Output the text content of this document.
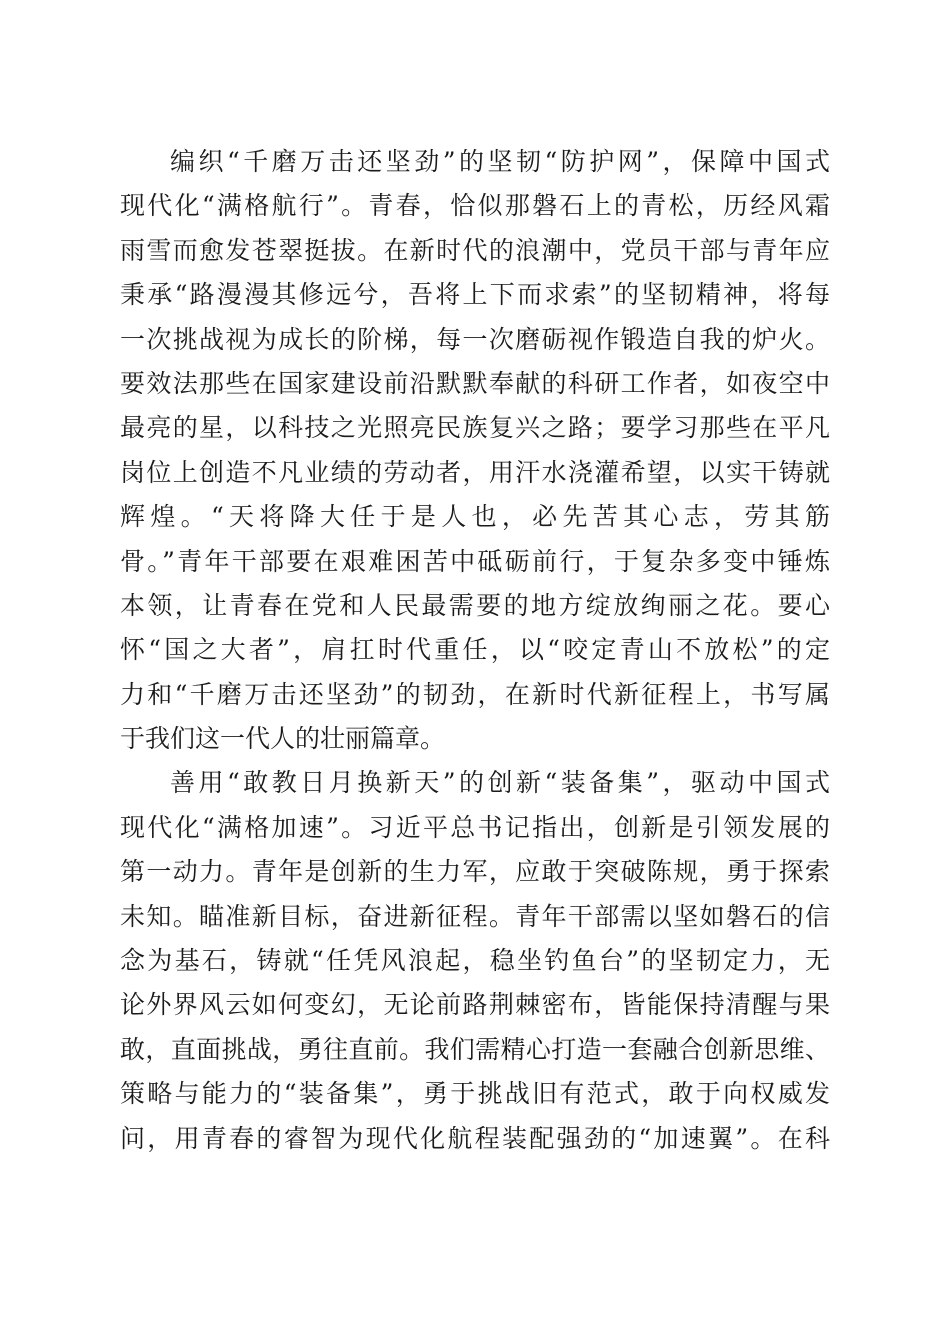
编织“千磨万击还坚劲”的坚韧“防护网”，保障中国式
现代化“满格航行”。青春，恰似那磐石上的青松，历经风霜
雨雪而愈发苍翠挺拔。在新时代的浪潮中，党员干部与青年应
秉承“路漫漫其修远兮，吾将上下而求索”的坚韧精神，将每
一次挑战视为成长的阶梯，每一次磨砺视作锻造自我的炉火。
要效法那些在国家建设前沿默默奉献的科研工作者，如夜空中
最亮的星，以科技之光照亮民族复兴之路；要学习那些在平凡
岗位上创造不凡业绩的劳动者，用汗水浇灌希望，以实干铸就
辉煌。“天将降大任于是人也，必先苦其心志，劳其筋
骨。”青年干部要在艰难困苦中砥砺前行，于复杂多变中锤炼
本领，让青春在党和人民最需要的地方绽放绚丽之花。要心
怀“国之大者”，肩扛时代重任，以“咬定青山不放松”的定
力和“千磨万击还坚劲”的韧劲，在新时代新征程上，书写属
于我们这一代人的壮丽篇章。
善用“敢教日月换新天”的创新“装备集”，驱动中国式
现代化“满格加速”。习近平总书记指出，创新是引领发展的
第一动力。青年是创新的生力军，应敢于突破陈规，勇于探索
未知。瞄准新目标，奋进新征程。青年干部需以坚如磐石的信
念为基石，铸就“任凭风浪起，稳坐钓鱼台”的坚韧定力，无
论外界风云如何变幻，无论前路荆棘密布，皆能保持清醒与果
敢，直面挑战，勇往直前。我们需精心打造一套融合创新思维、
策略与能力的“装备集”，勇于挑战旧有范式，敢于向权威发
问，用青春的睿智为现代化航程装配强劲的“加速翼”。在科
